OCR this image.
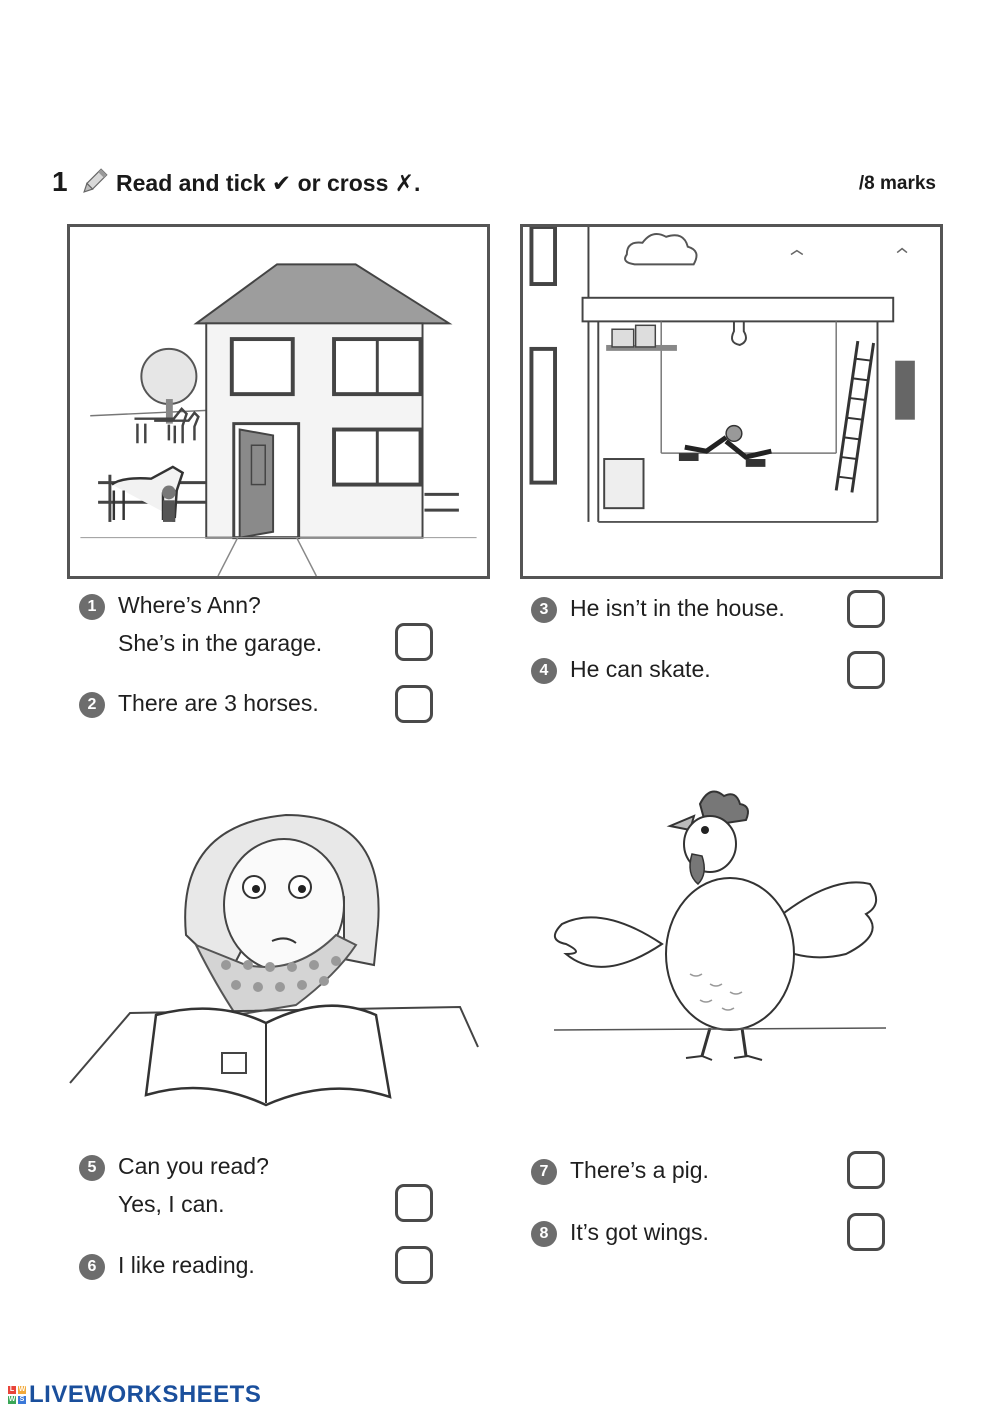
1 Read and tick ✔ or cross ✗.	/8 marks
1 Where’s Ann?
She’s in the garage.
2 There are 3 horses.
3 He isn’t in the house.
4 He can skate.
5 Can you read?
Yes, I can.
6 I like reading.
7 There’s a pig.
8 It’s got wings.
L W
W S LIVEWORKSHEETS
